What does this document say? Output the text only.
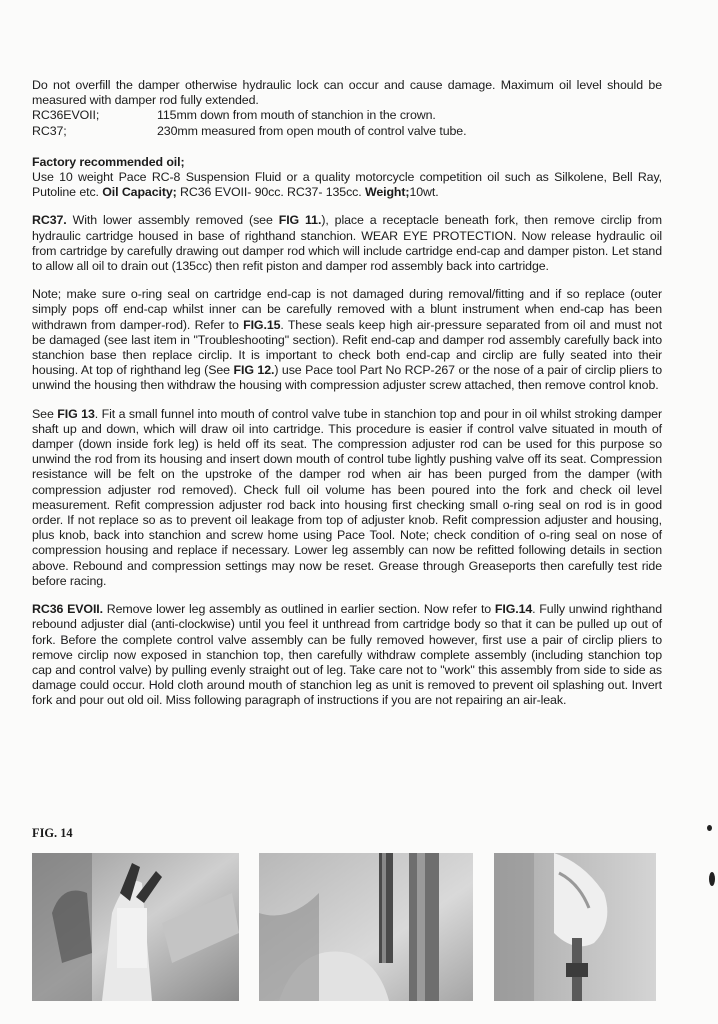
Do not overfill the damper otherwise hydraulic lock can occur and cause damage. Maximum oil level should be measured with damper rod fully extended.

RC36EVOII;	115mm down from mouth of stanchion in the crown.
RC37;	230mm measured from open mouth of control valve tube.
Factory recommended oil;

Use 10 weight Pace RC-8 Suspension Fluid or a quality motorcycle competition oil such as Silkolene, Bell Ray, Putoline etc. Oil Capacity; RC36 EVOII- 90cc. RC37- 135cc. Weight;10wt.

RC37. With lower assembly removed (see FIG 11.), place a receptacle beneath fork, then remove circlip from hydraulic cartridge housed in base of righthand stanchion. WEAR EYE PROTECTION. Now release hydraulic oil from cartridge by carefully drawing out damper rod which will include cartridge end-cap and damper piston. Let stand to allow all oil to drain out (135cc) then refit piston and damper rod assembly back into cartridge.

Note; make sure o-ring seal on cartridge end-cap is not damaged during removal/fitting and if so replace (outer simply pops off end-cap whilst inner can be carefully removed with a blunt instrument when end-cap has been withdrawn from damper-rod). Refer to FIG.15. These seals keep high air-pressure separated from oil and must not be damaged (see last item in "Troubleshooting" section). Refit end-cap and damper rod assembly carefully back into stanchion base then replace circlip. It is important to check both end-cap and circlip are fully seated into their housing. At top of righthand leg (See FIG 12.) use Pace tool Part No RCP-267 or the nose of a pair of circlip pliers to unwind the housing then withdraw the housing with compression adjuster screw attached, then remove control knob.

See FIG 13. Fit a small funnel into mouth of control valve tube in stanchion top and pour in oil whilst stroking damper shaft up and down, which will draw oil into cartridge. This procedure is easier if control valve situated in mouth of damper (down inside fork leg) is held off its seat. The compression adjuster rod can be used for this purpose so unwind the rod from its housing and insert down mouth of control tube lightly pushing valve off its seat. Compression resistance will be felt on the upstroke of the damper rod when air has been purged from the damper (with compression adjuster rod removed). Check full oil volume has been poured into the fork and check oil level measurement. Refit compression adjuster rod back into housing first checking small o-ring seal on rod is in good order. If not replace so as to prevent oil leakage from top of adjuster knob. Refit compression adjuster and housing, plus knob, back into stanchion and screw home using Pace Tool. Note; check condition of o-ring seal on nose of compression housing and replace if necessary. Lower leg assembly can now be refitted following details in section above. Rebound and compression settings may now be reset. Grease through Greaseports then carefully test ride before racing.

RC36 EVOII. Remove lower leg assembly as outlined in earlier section. Now refer to FIG.14. Fully unwind righthand rebound adjuster dial (anti-clockwise) until you feel it unthread from cartridge body so that it can be pulled up out of fork. Before the complete control valve assembly can be fully removed however, first use a pair of circlip pliers to remove circlip now exposed in stanchion top, then carefully withdraw complete assembly (including stanchion top cap and control valve) by pulling evenly straight out of leg. Take care not to "work" this assembly from side to side as damage could occur. Hold cloth around mouth of stanchion leg as unit is removed to prevent oil splashing out. Invert fork and pour out old oil. Miss following paragraph of instructions if you are not repairing an air-leak.

FIG. 14
